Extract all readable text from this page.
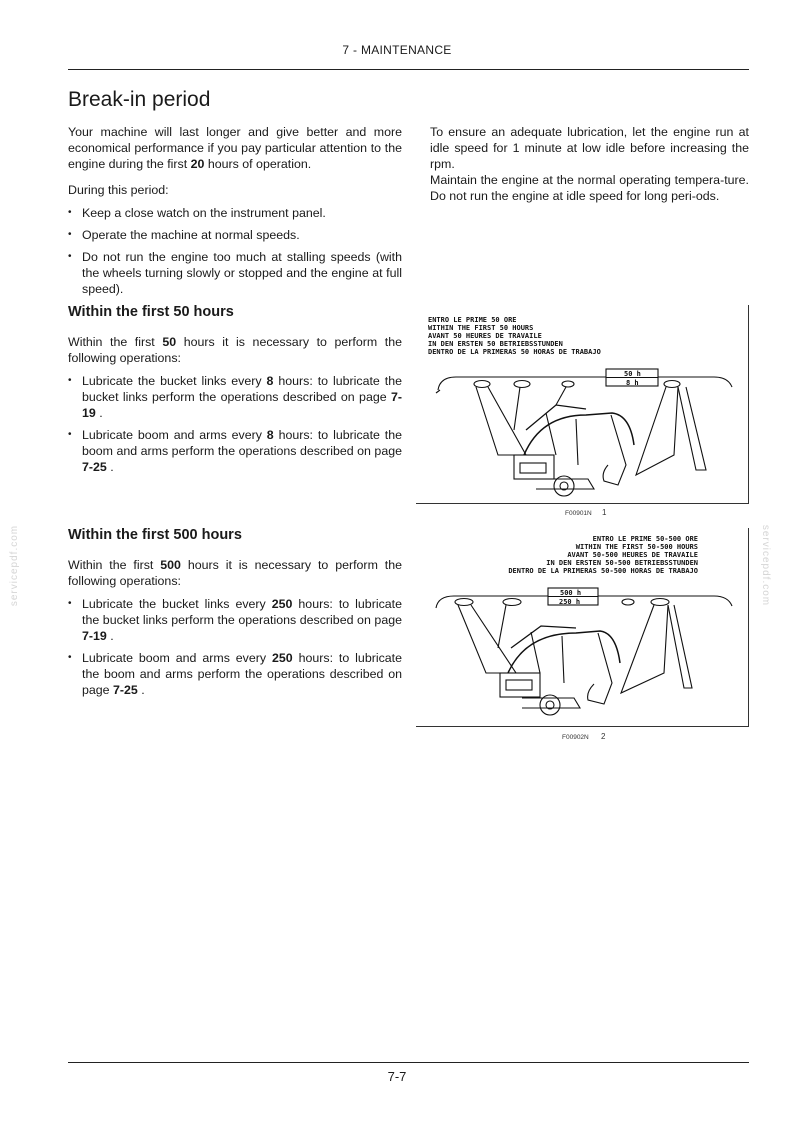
7 - MAINTENANCE
Break-in period

Your machine will last longer and give better and more economical performance if you pay particular attention to the engine during the first 20 hours of operation.

During this period:

• Keep a close watch on the instrument panel.
• Operate the machine at normal speeds.
• Do not run the engine too much at stalling speeds (with the wheels turning slowly or stopped and the engine at full speed).

To ensure an adequate lubrication, let the engine run at idle speed for 1 minute at low idle before increasing the rpm.

Maintain the engine at the normal operating tempera-ture. Do not run the engine at idle speed for long peri-ods.

Within the first 50 hours

Within the first 50 hours it is necessary to perform the following operations:

• Lubricate the bucket links every 8 hours: to lubricate the bucket links perform the operations described on page 7-19 .
• Lubricate boom and arms every 8 hours: to lubricate the boom and arms perform the operations described on page 7-25 .
Within the first 500 hours

Within the first 500 hours it is necessary to perform the following operations:

• Lubricate the bucket links every 250 hours: to lubricate the bucket links perform the operations described on page 7-19 .
• Lubricate boom and arms every 250 hours: to lubricate the boom and arms perform the operations described on page 7-25 .
ENTRO LE PRIME 50 ORE
WITHIN THE FIRST 50 HOURS
AVANT 50 HEURES DE TRAVAILE
IN DEN ERSTEN 50 BETRIEBSSTUNDEN
DENTRO DE LA PRIMERAS 50 HORAS DE TRABAJO
50 h
8 h
F00901N 1
ENTRO LE PRIME 50-500 ORE
WITHIN THE FIRST 50-500 HOURS
AVANT 50-500 HEURES DE TRAVAILE
IN DEN ERSTEN 50-500 BETRIEBSSTUNDEN
DENTRO DE LA PRIMERAS 50-500 HORAS DE TRABAJO
500 h
250 h
F00902N 2
servicepdf.com	servicepdf.com
7-7
